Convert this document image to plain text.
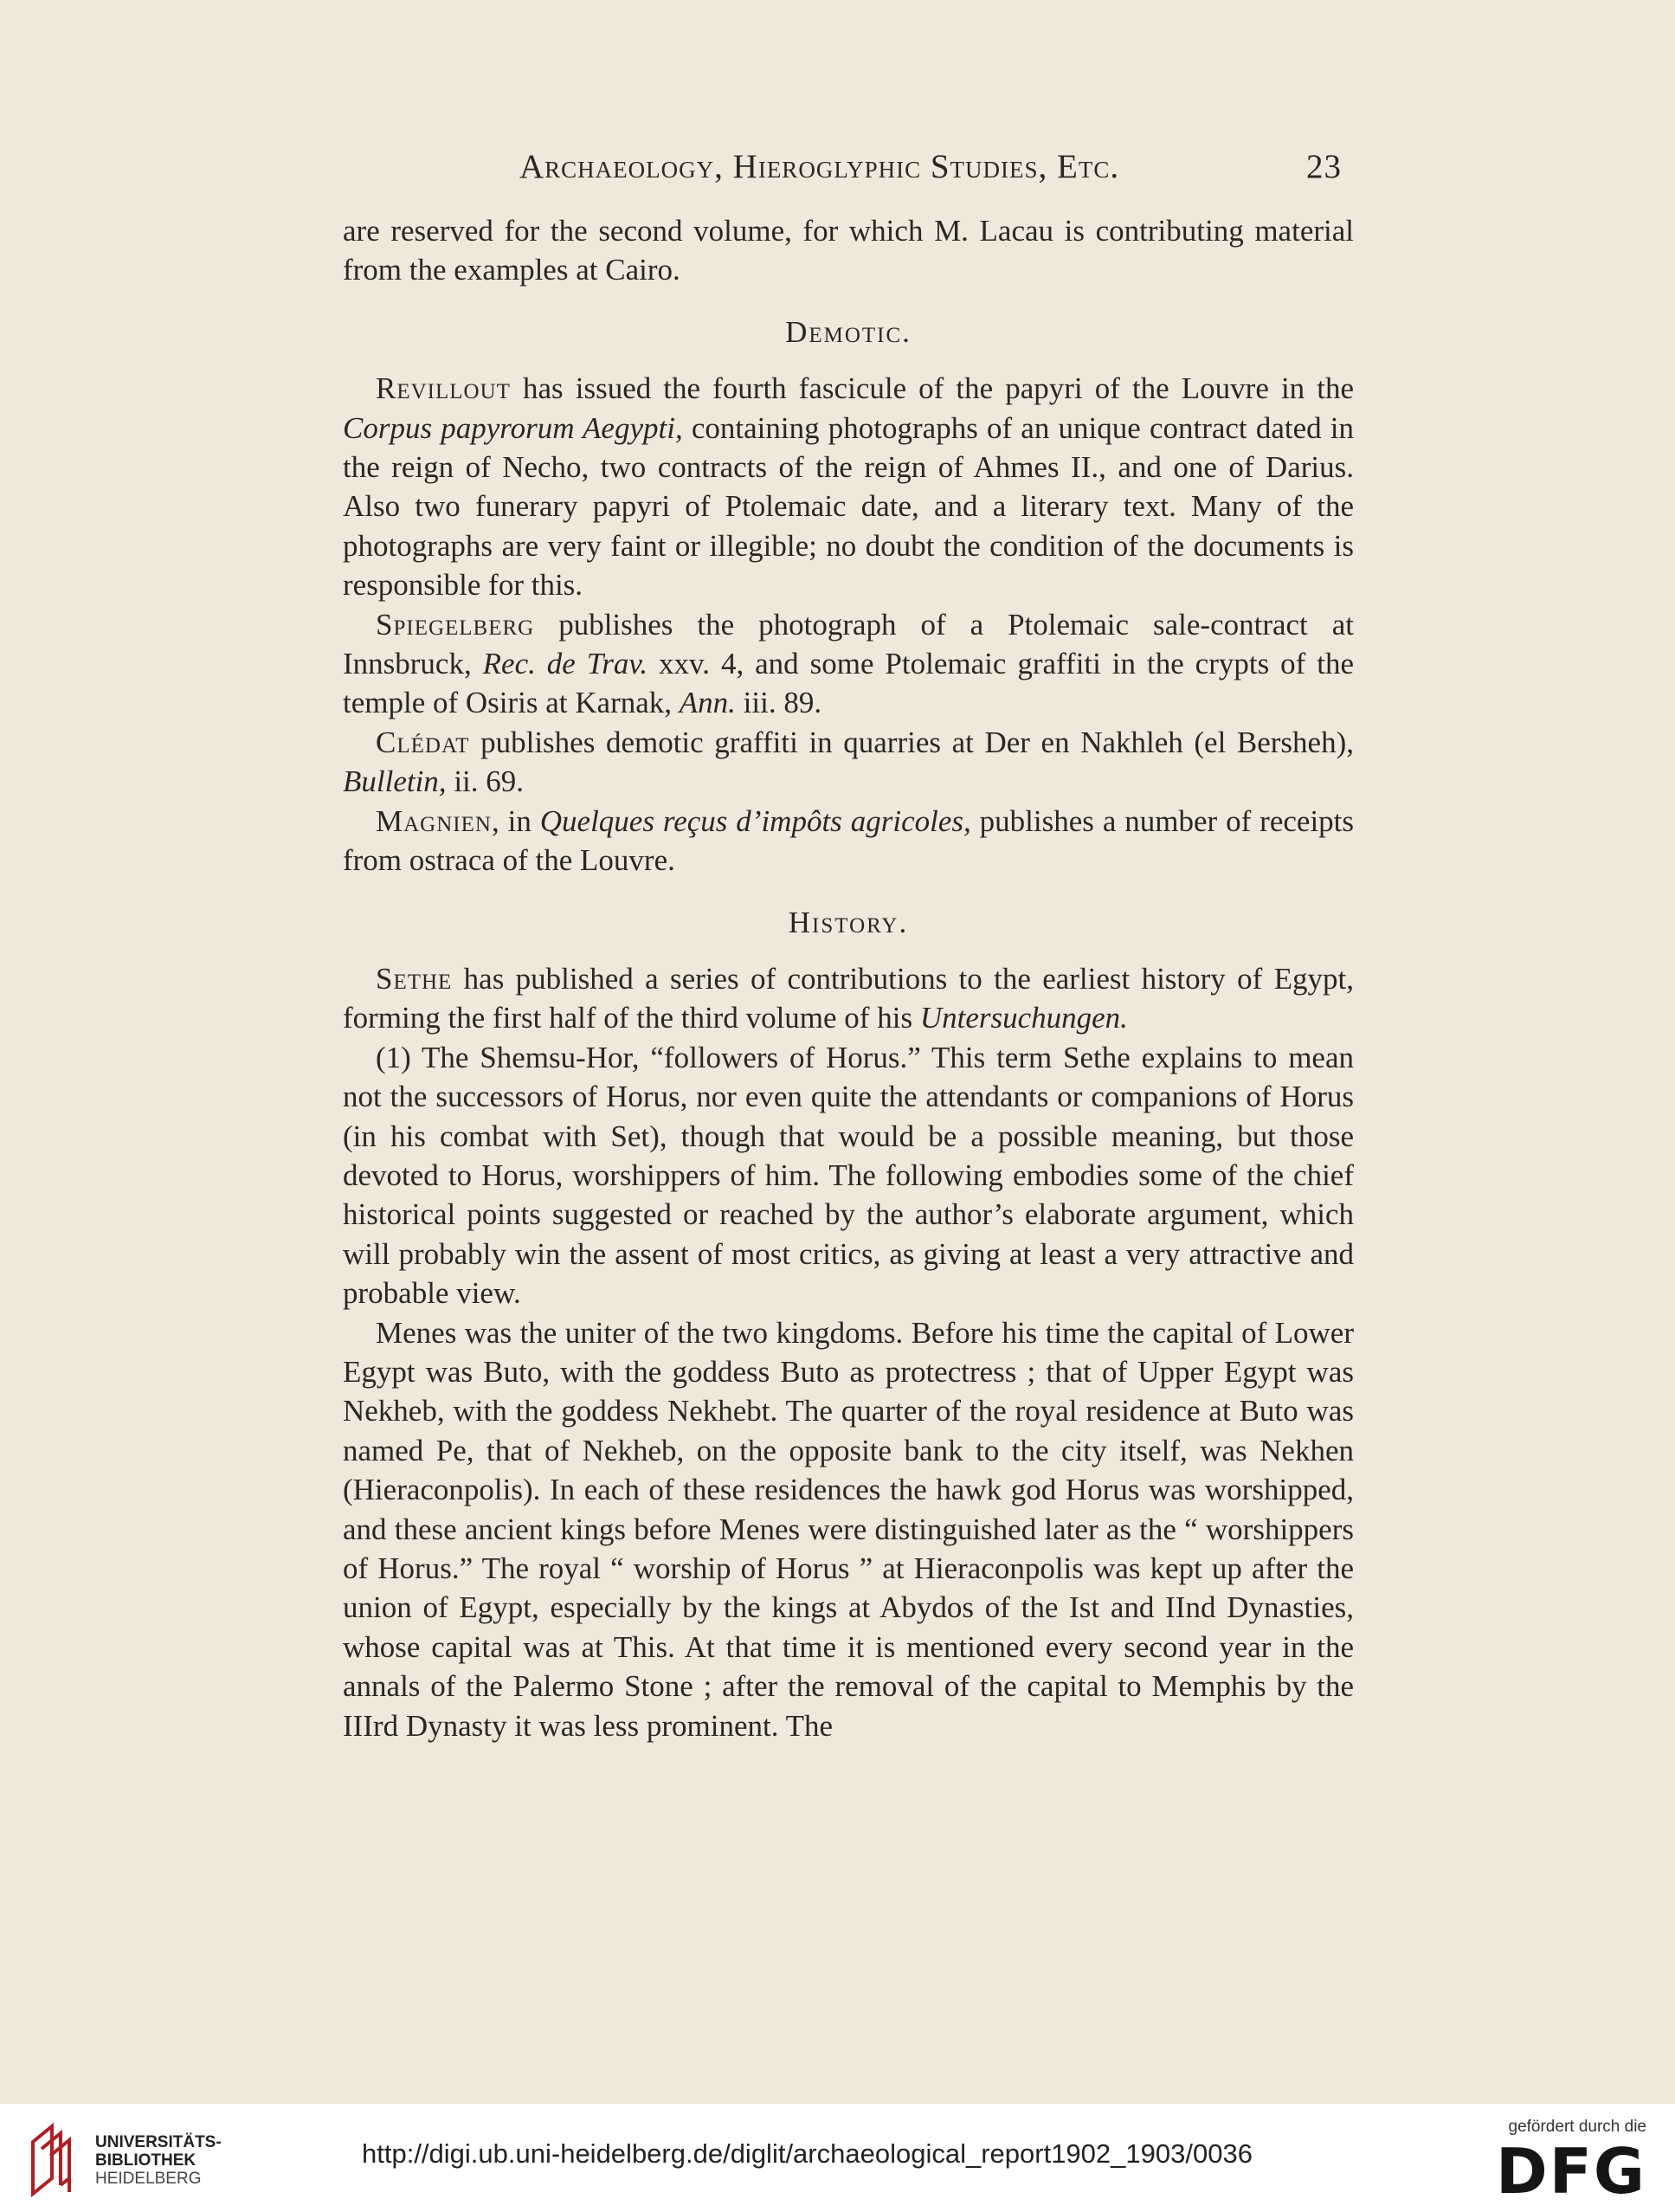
Archaeology, Hieroglyphic Studies, Etc.	23

are reserved for the second volume, for which M. Lacau is contributing material from the examples at Cairo.

Demotic.

Revillout has issued the fourth fascicule of the papyri of the Louvre in the Corpus papyrorum Aegypti, containing photographs of an unique contract dated in the reign of Necho, two contracts of the reign of Ahmes II., and one of Darius. Also two funerary papyri of Ptolemaic date, and a literary text. Many of the photographs are very faint or illegible; no doubt the condition of the documents is responsible for this.

Spiegelberg publishes the photograph of a Ptolemaic sale-contract at Innsbruck, Rec. de Trav. xxv. 4, and some Ptolemaic graffiti in the crypts of the temple of Osiris at Karnak, Ann. iii. 89.

Clédat publishes demotic graffiti in quarries at Der en Nakhleh (el Bersheh), Bulletin, ii. 69.

Magnien, in Quelques reçus d’impôts agricoles, publishes a number of receipts from ostraca of the Louvre.

History.

Sethe has published a series of contributions to the earliest history of Egypt, forming the first half of the third volume of his Untersuchungen.

(1) The Shemsu-Hor, “followers of Horus.” This term Sethe explains to mean not the successors of Horus, nor even quite the attendants or companions of Horus (in his combat with Set), though that would be a possible meaning, but those devoted to Horus, worshippers of him. The following embodies some of the chief historical points suggested or reached by the author’s elaborate argument, which will probably win the assent of most critics, as giving at least a very attractive and probable view.

Menes was the uniter of the two kingdoms. Before his time the capital of Lower Egypt was Buto, with the goddess Buto as protectress ; that of Upper Egypt was Nekheb, with the goddess Nekhebt. The quarter of the royal residence at Buto was named Pe, that of Nekheb, on the opposite bank to the city itself, was Nekhen (Hieraconpolis). In each of these residences the hawk god Horus was worshipped, and these ancient kings before Menes were distinguished later as the “ worshippers of Horus.” The royal “ worship of Horus ” at Hieraconpolis was kept up after the union of Egypt, especially by the kings at Abydos of the Ist and IInd Dynasties, whose capital was at This. At that time it is mentioned every second year in the annals of the Palermo Stone ; after the removal of the capital to Memphis by the IIIrd Dynasty it was less prominent. The

UNIVERSITÄTS-
BIBLIOTHEK
HEIDELBERG
http://digi.ub.uni-heidelberg.de/diglit/archaeological_report1902_1903/0036
gefördert durch die
DFG
